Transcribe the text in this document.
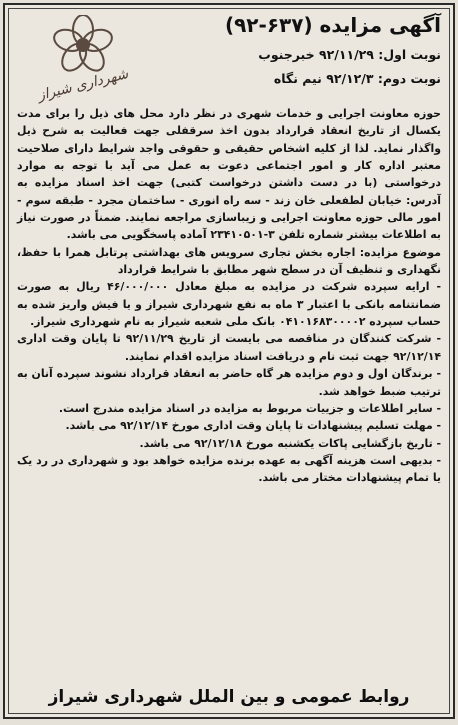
شهرداری شیراز
آگهی مزایده (۶۳۷-۹۲)
نوبت اول: ۹۲/۱۱/۲۹ خبرجنوب
نوبت دوم: ۹۲/۱۲/۳ نیم نگاه

حوزه معاونت اجرایی و خدمات شهری در نظر دارد محل های ذیل را برای مدت یکسال از تاریخ انعقاد قرارداد بدون اخذ سرقفلی جهت فعالیت به شرح ذیل واگذار نماید. لذا از کلیه اشخاص حقیقی و حقوقی واجد شرایط دارای صلاحیت معتبر اداره کار و امور اجتماعی دعوت به عمل می آید با توجه به موارد درخواستی (با در دست داشتن درخواست کتبی) جهت اخذ اسناد مزایده به آدرس: خیابان لطفعلی خان زند - سه راه انوری - ساختمان مجرد - طبقه سوم - امور مالی حوزه معاونت اجرایی و زیباسازی مراجعه نمایند. ضمناً در صورت نیاز به اطلاعات بیشتر شماره تلفن ۳-۲۳۴۱۰۵۰۱ آماده پاسخگویی می باشد.

موضوع مزایده: اجاره بخش تجاری سرویس های بهداشتی پرتابل همرا با حفظ، نگهداری و تنظیف آن در سطح شهر مطابق با شرایط قرارداد

- ارایه سپرده شرکت در مزایده به مبلغ معادل ۴۶/۰۰۰/۰۰۰ ریال به صورت ضمانتنامه بانکی با اعتبار ۳ ماه به نفع شهرداری شیراز و یا فیش واریز شده به حساب سپرده ۰۴۱۰۱۶۸۳۰۰۰۰۲ بانک ملی شعبه شیراز به نام شهرداری شیراز.

- شرکت کنندگان در مناقصه می بایست از تاریخ ۹۲/۱۱/۲۹ تا پایان وقت اداری ۹۲/۱۲/۱۴ جهت ثبت نام و دریافت اسناد مزایده اقدام نمایند.

- برندگان اول و دوم مزایده هر گاه حاضر به انعقاد قرارداد نشوند سپرده آنان به ترتیب ضبط خواهد شد.

- سایر اطلاعات و جزییات مربوط به مزایده در اسناد مزایده مندرج است.

- مهلت تسلیم پیشنهادات تا پایان وقت اداری مورخ ۹۲/۱۲/۱۴ می باشد.

- تاریخ بازگشایی پاکات یکشنبه مورخ ۹۲/۱۲/۱۸ می باشد.

- بدیهی است هزینه آگهی به عهده برنده مزایده خواهد بود و شهرداری در رد یک یا تمام پیشنهادات مختار می باشد.

روابط عمومی و بین الملل شهرداری شیراز
